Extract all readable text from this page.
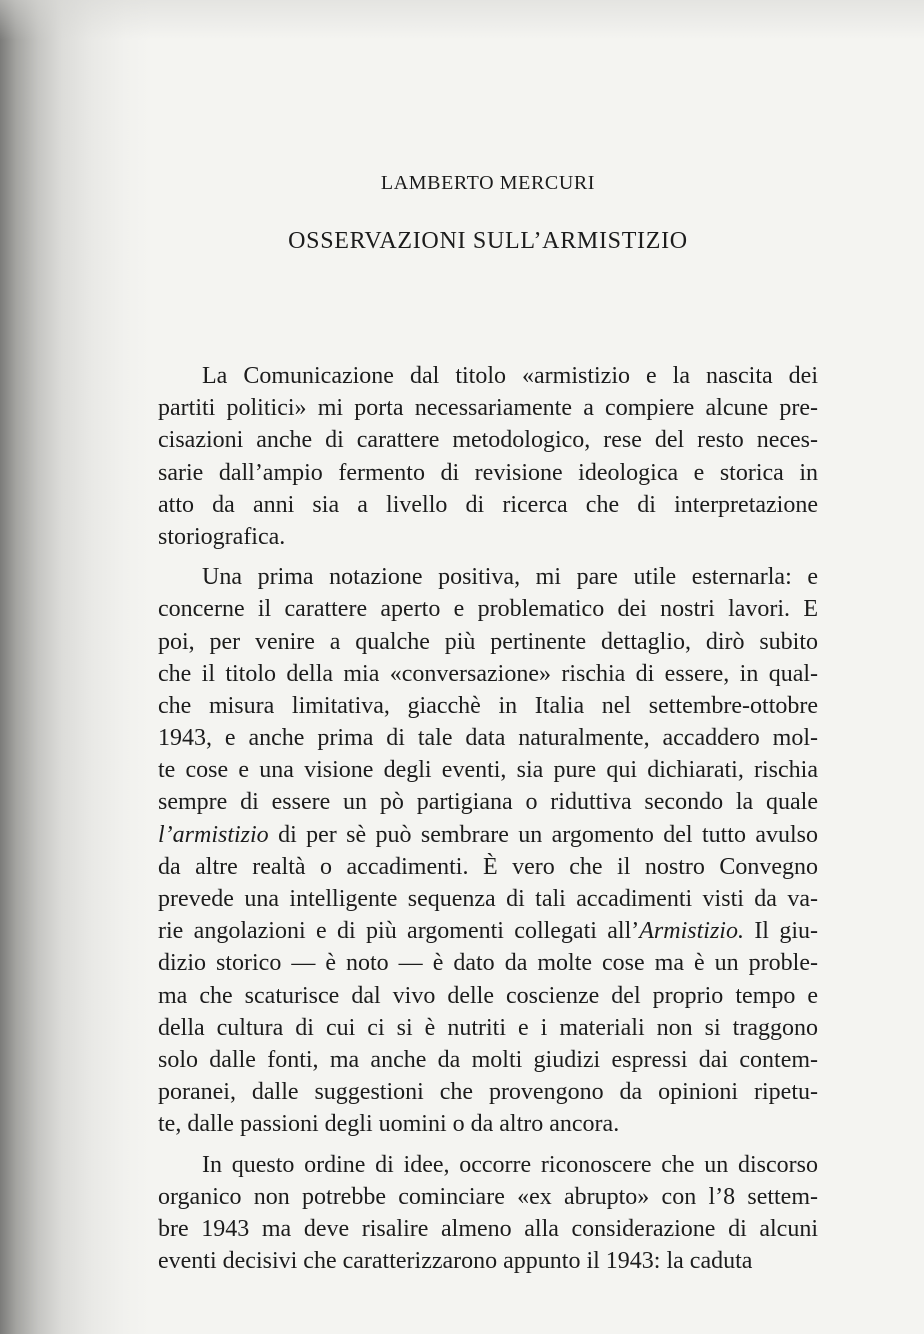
LAMBERTO MERCURI

OSSERVAZIONI SULL’ARMISTIZIO

La Comunicazione dal titolo «armistizio e la nascita dei
partiti politici» mi porta necessariamente a compiere alcune pre-
cisazioni anche di carattere metodologico, rese del resto neces-
sarie dall’ampio fermento di revisione ideologica e storica in
atto da anni sia a livello di ricerca che di interpretazione
storiografica.
Una prima notazione positiva, mi pare utile esternarla: e
concerne il carattere aperto e problematico dei nostri lavori. E
poi, per venire a qualche più pertinente dettaglio, dirò subito
che il titolo della mia «conversazione» rischia di essere, in qual-
che misura limitativa, giacchè in Italia nel settembre-ottobre
1943, e anche prima di tale data naturalmente, accaddero mol-
te cose e una visione degli eventi, sia pure qui dichiarati, rischia
sempre di essere un pò partigiana o riduttiva secondo la quale
l’armistizio di per sè può sembrare un argomento del tutto avulso
da altre realtà o accadimenti. È vero che il nostro Convegno
prevede una intelligente sequenza di tali accadimenti visti da va-
rie angolazioni e di più argomenti collegati all’Armistizio. Il giu-
dizio storico — è noto — è dato da molte cose ma è un proble-
ma che scaturisce dal vivo delle coscienze del proprio tempo e
della cultura di cui ci si è nutriti e i materiali non si traggono
solo dalle fonti, ma anche da molti giudizi espressi dai contem-
poranei, dalle suggestioni che provengono da opinioni ripetu-
te, dalle passioni degli uomini o da altro ancora.
In questo ordine di idee, occorre riconoscere che un discorso
organico non potrebbe cominciare «ex abrupto» con l’8 settem-
bre 1943 ma deve risalire almeno alla considerazione di alcuni
eventi decisivi che caratterizzarono appunto il 1943: la caduta
